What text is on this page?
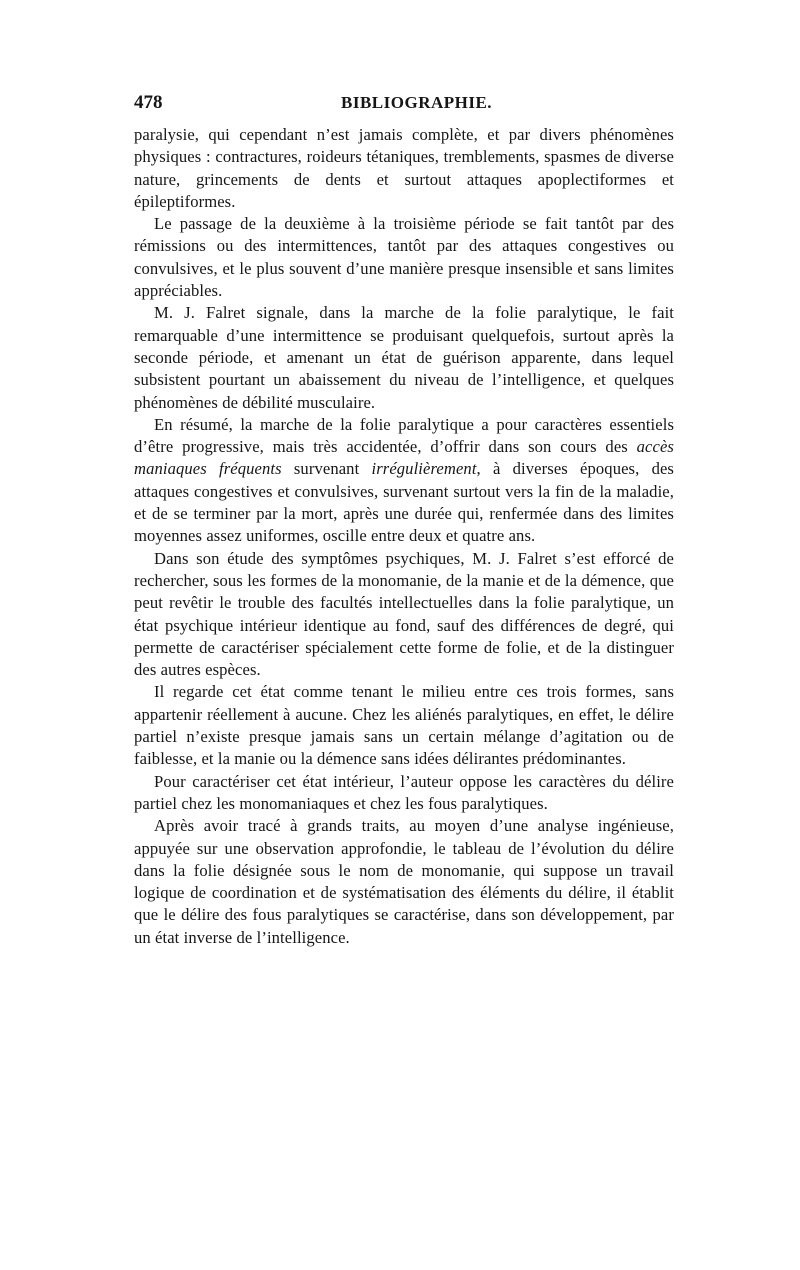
478	BIBLIOGRAPHIE.

paralysie, qui cependant n’est jamais complète, et par divers phénomènes physiques : contractures, roideurs tétaniques, tremblements, spasmes de diverse nature, grincements de dents et surtout attaques apoplectiformes et épileptiformes.

Le passage de la deuxième à la troisième période se fait tantôt par des rémissions ou des intermittences, tantôt par des attaques congestives ou convulsives, et le plus souvent d’une manière presque insensible et sans limites appréciables.

M. J. Falret signale, dans la marche de la folie paralytique, le fait remarquable d’une intermittence se produisant quelquefois, surtout après la seconde période, et amenant un état de guérison apparente, dans lequel subsistent pourtant un abaissement du niveau de l’intelligence, et quelques phénomènes de débilité musculaire.

En résumé, la marche de la folie paralytique a pour caractères essentiels d’être progressive, mais très accidentée, d’offrir dans son cours des accès maniaques fréquents survenant irrégulièrement, à diverses époques, des attaques congestives et convulsives, survenant surtout vers la fin de la maladie, et de se terminer par la mort, après une durée qui, renfermée dans des limites moyennes assez uniformes, oscille entre deux et quatre ans.

Dans son étude des symptômes psychiques, M. J. Falret s’est efforcé de rechercher, sous les formes de la monomanie, de la manie et de la démence, que peut revêtir le trouble des facultés intellectuelles dans la folie paralytique, un état psychique intérieur identique au fond, sauf des différences de degré, qui permette de caractériser spécialement cette forme de folie, et de la distinguer des autres espèces.

Il regarde cet état comme tenant le milieu entre ces trois formes, sans appartenir réellement à aucune. Chez les aliénés paralytiques, en effet, le délire partiel n’existe presque jamais sans un certain mélange d’agitation ou de faiblesse, et la manie ou la démence sans idées délirantes prédominantes.

Pour caractériser cet état intérieur, l’auteur oppose les caractères du délire partiel chez les monomaniaques et chez les fous paralytiques.

Après avoir tracé à grands traits, au moyen d’une analyse ingénieuse, appuyée sur une observation approfondie, le tableau de l’évolution du délire dans la folie désignée sous le nom de monomanie, qui suppose un travail logique de coordination et de systématisation des éléments du délire, il établit que le délire des fous paralytiques se caractérise, dans son développement, par un état inverse de l’intelligence.
